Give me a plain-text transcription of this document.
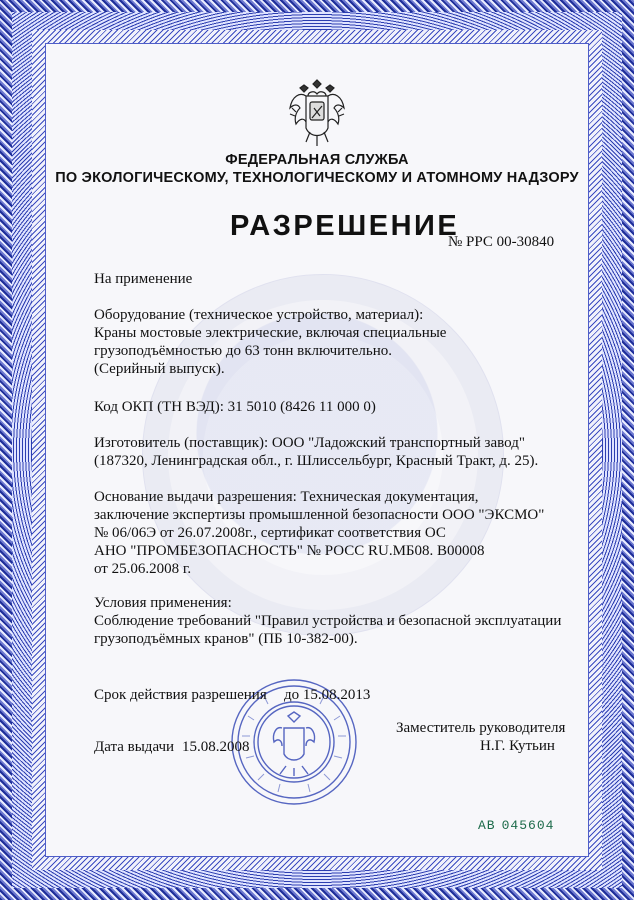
ФЕДЕРАЛЬНАЯ СЛУЖБА
ПО ЭКОЛОГИЧЕСКОМУ, ТЕХНОЛОГИЧЕСКОМУ И АТОМНОМУ НАДЗОРУ
РАЗРЕШЕНИЕ
№ РРС 00-30840
На применение
Оборудование (техническое устройство, материал):
Краны мостовые электрические, включая специальные
грузоподъёмностью до 63 тонн включительно.
(Серийный выпуск).
Код ОКП (ТН ВЭД): 31 5010 (8426 11 000 0)
Изготовитель (поставщик): ООО "Ладожский транспортный завод"
(187320, Ленинградская обл., г. Шлиссельбург, Красный Тракт, д. 25).
Основание выдачи разрешения: Техническая документация,
заключение экспертизы промышленной безопасности ООО "ЭКСМО"
№ 06/06Э от 26.07.2008г., сертификат соответствия ОС
АНО "ПРОМБЕЗОПАСНОСТЬ" № РОСС RU.МБ08. В00008
от 25.06.2008 г.
Условия применения:
Соблюдение требований "Правил устройства и безопасной эксплуатации
грузоподъёмных кранов" (ПБ 10-382-00).
Срок действия разрешения до 15.08.2013
Дата выдачи 15.08.2008
Заместитель руководителя
Н.Г. Кутьин
АВ 045604
